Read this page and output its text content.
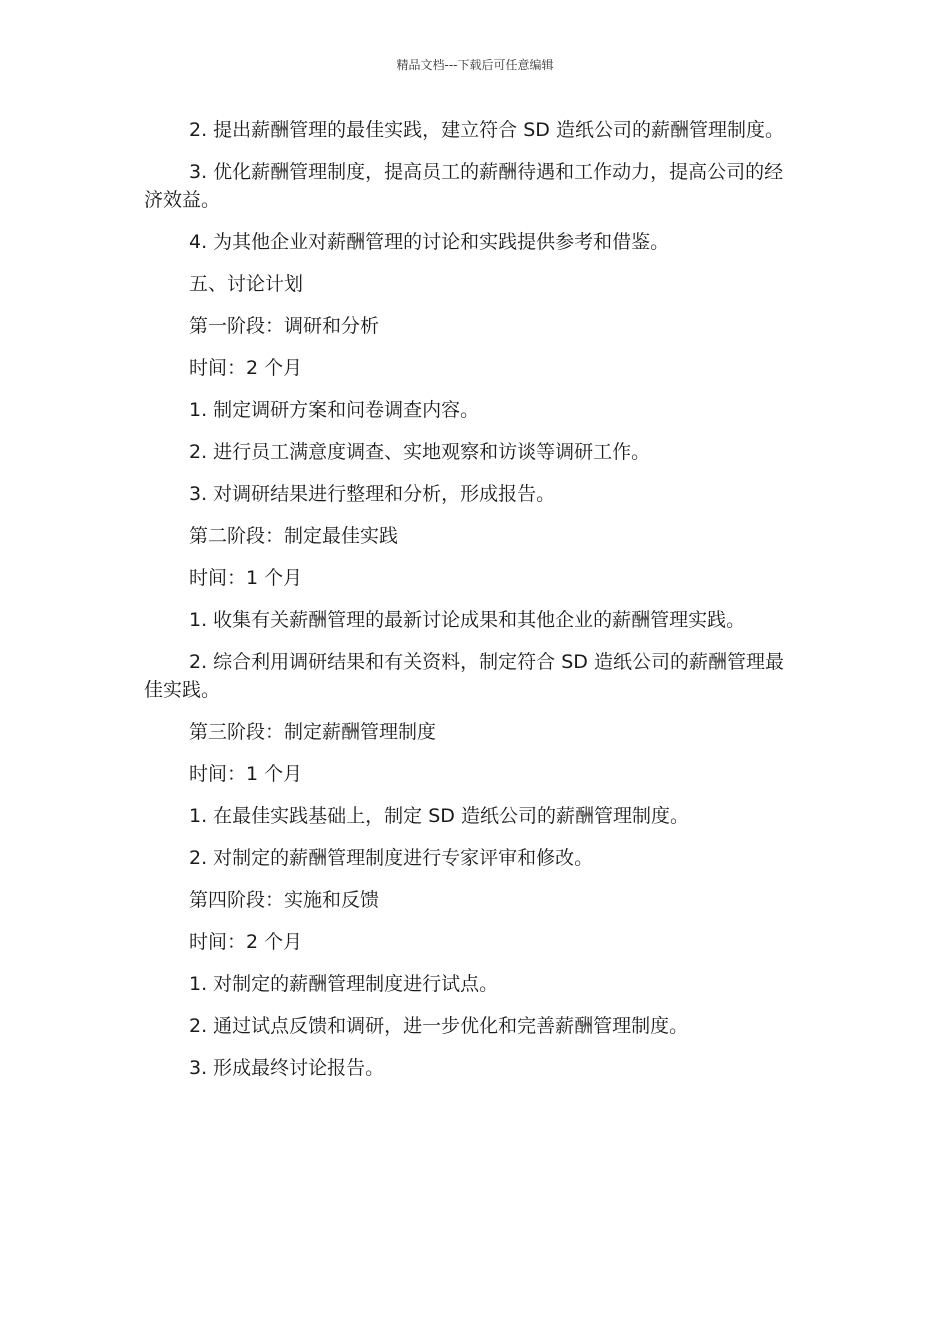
精品文档---下载后可任意编辑

2. 提出薪酬管理的最佳实践，建立符合 SD 造纸公司的薪酬管理制度。

3. 优化薪酬管理制度，提高员工的薪酬待遇和工作动力，提高公司的经济效益。

4. 为其他企业对薪酬管理的讨论和实践提供参考和借鉴。

五、讨论计划

第一阶段：调研和分析

时间：2 个月

1. 制定调研方案和问卷调查内容。

2. 进行员工满意度调查、实地观察和访谈等调研工作。

3. 对调研结果进行整理和分析，形成报告。

第二阶段：制定最佳实践

时间：1 个月

1. 收集有关薪酬管理的最新讨论成果和其他企业的薪酬管理实践。

2. 综合利用调研结果和有关资料，制定符合 SD 造纸公司的薪酬管理最佳实践。

第三阶段：制定薪酬管理制度

时间：1 个月

1. 在最佳实践基础上，制定 SD 造纸公司的薪酬管理制度。

2. 对制定的薪酬管理制度进行专家评审和修改。

第四阶段：实施和反馈

时间：2 个月

1. 对制定的薪酬管理制度进行试点。

2. 通过试点反馈和调研，进一步优化和完善薪酬管理制度。

3. 形成最终讨论报告。
